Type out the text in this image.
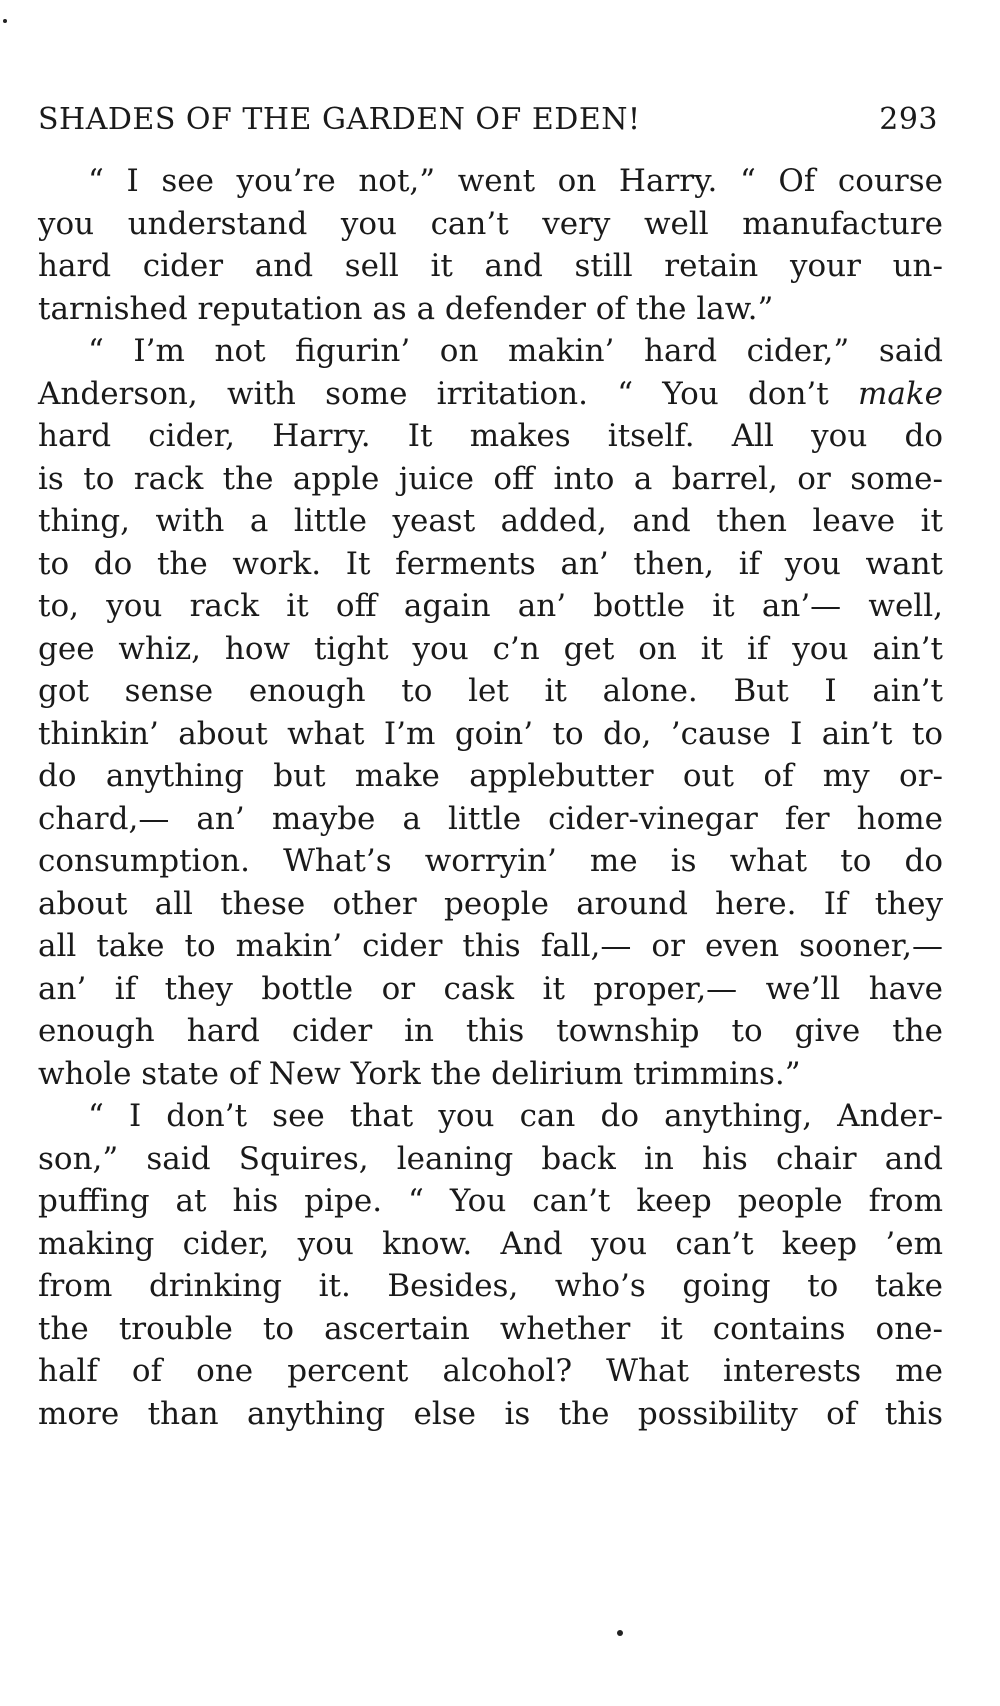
SHADES OF THE GARDEN OF EDEN!	293

“ I see you’re not,” went on Harry. “ Of course
you understand you can’t very well manufacture
hard cider and sell it and still retain your un-
tarnished reputation as a defender of the law.”

“ I’m not figurin’ on makin’ hard cider,” said
Anderson, with some irritation. “ You don’t make
hard cider, Harry. It makes itself. All you do
is to rack the apple juice off into a barrel, or some-
thing, with a little yeast added, and then leave it
to do the work. It ferments an’ then, if you want
to, you rack it off again an’ bottle it an’— well,
gee whiz, how tight you c’n get on it if you ain’t
got sense enough to let it alone. But I ain’t
thinkin’ about what I’m goin’ to do, ’cause I ain’t to
do anything but make applebutter out of my or-
chard,— an’ maybe a little cider-vinegar fer home
consumption. What’s worryin’ me is what to do
about all these other people around here. If they
all take to makin’ cider this fall,— or even sooner,—
an’ if they bottle or cask it proper,— we’ll have
enough hard cider in this township to give the
whole state of New York the delirium trimmins.”

“ I don’t see that you can do anything, Ander-
son,” said Squires, leaning back in his chair and
puffing at his pipe. “ You can’t keep people from
making cider, you know. And you can’t keep ’em
from drinking it. Besides, who’s going to take
the trouble to ascertain whether it contains one-
half of one percent alcohol? What interests me
more than anything else is the possibility of this
